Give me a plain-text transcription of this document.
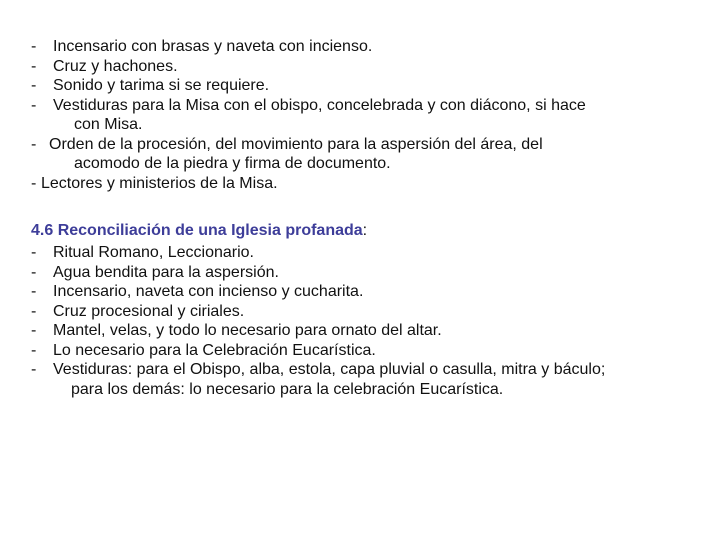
-	Incensario con brasas y naveta con incienso.
-	Cruz y hachones.
-	Sonido y tarima si se requiere.
-	Vestiduras para la Misa con el obispo, concelebrada y con diácono, si hace
con Misa.
- Orden de la procesión, del movimiento para la aspersión del área, del
acomodo de la piedra y firma de documento.
- Lectores y ministerios de la Misa.
4.6 Reconciliación de una Iglesia profanada:
-	Ritual Romano, Leccionario.
-	Agua bendita para la aspersión.
-	Incensario, naveta con incienso y cucharita.
-	Cruz procesional y ciriales.
-	Mantel, velas, y todo lo necesario para ornato del altar.
-	Lo necesario para la Celebración Eucarística.
-	Vestiduras: para el Obispo, alba, estola, capa pluvial o casulla, mitra y báculo;
para los demás: lo necesario para la celebración Eucarística.
